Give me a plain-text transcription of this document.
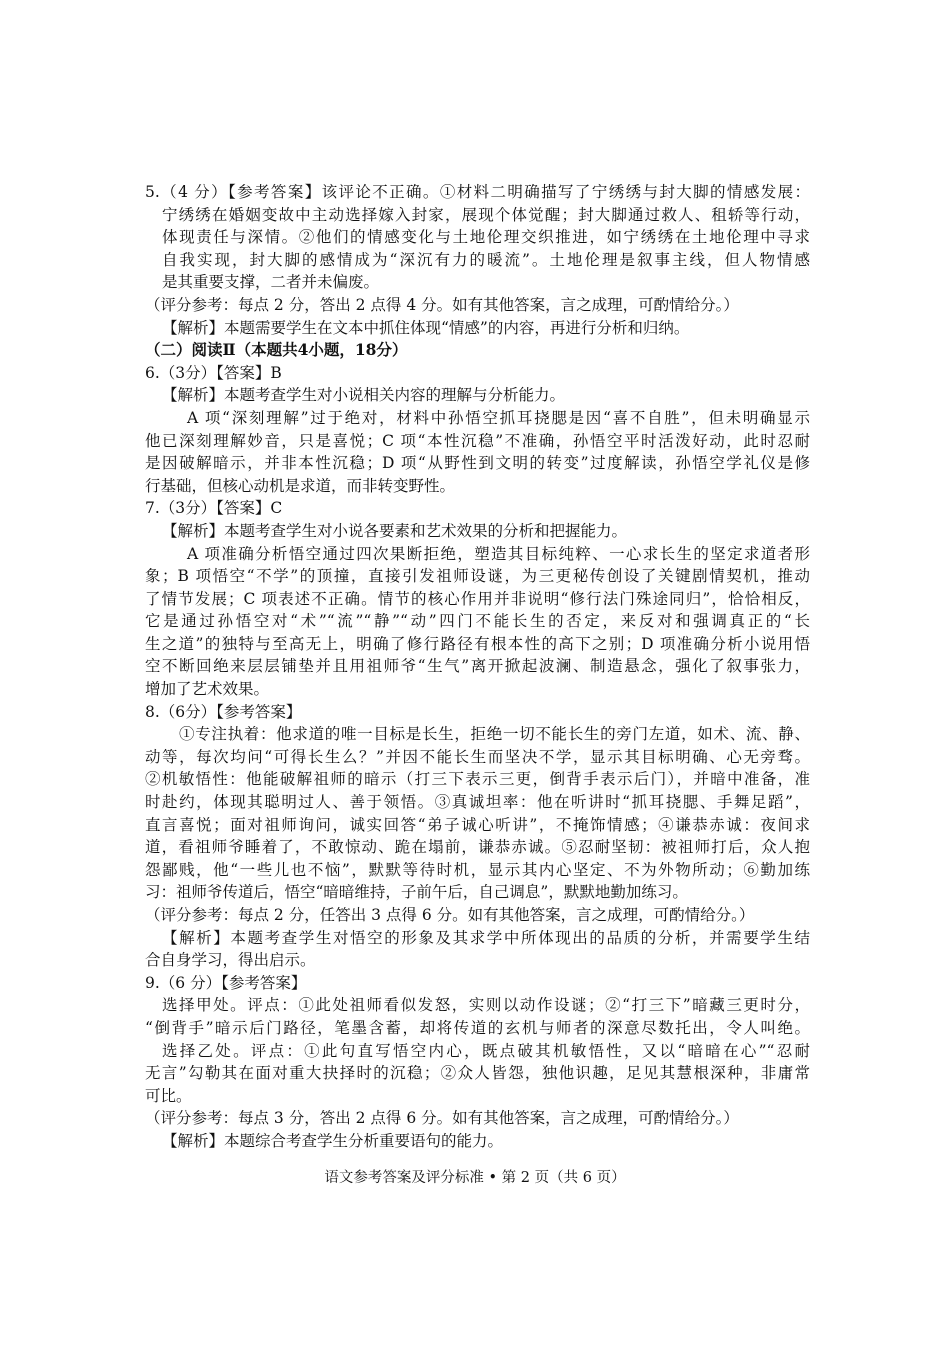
5.（4 分）【参考答案】该评论不正确。①材料二明确描写了宁绣绣与封大脚的情感发展：
宁绣绣在婚姻变故中主动选择嫁入封家，展现个体觉醒；封大脚通过救人、租轿等行动，
体现责任与深情。②他们的情感变化与土地伦理交织推进，如宁绣绣在土地伦理中寻求
自我实现，封大脚的感情成为“深沉有力的暖流”。土地伦理是叙事主线，但人物情感
是其重要支撑，二者并未偏废。
（评分参考：每点 2 分，答出 2 点得 4 分。如有其他答案，言之成理，可酌情给分。）
【解析】本题需要学生在文本中抓住体现“情感”的内容，再进行分析和归纳。
（二）阅读Ⅱ（本题共4小题，18分）
6.（3分）【答案】B
【解析】本题考查学生对小说相关内容的理解与分析能力。
A 项“深刻理解”过于绝对，材料中孙悟空抓耳挠腮是因“喜不自胜”，但未明确显示
他已深刻理解妙音，只是喜悦；C 项“本性沉稳”不准确，孙悟空平时活泼好动，此时忍耐
是因破解暗示，并非本性沉稳；D 项“从野性到文明的转变”过度解读，孙悟空学礼仪是修
行基础，但核心动机是求道，而非转变野性。
7.（3分）【答案】C
【解析】本题考查学生对小说各要素和艺术效果的分析和把握能力。
A 项准确分析悟空通过四次果断拒绝，塑造其目标纯粹、一心求长生的坚定求道者形
象；B 项悟空“不学”的顶撞，直接引发祖师设谜，为三更秘传创设了关键剧情契机，推动
了情节发展；C 项表述不正确。情节的核心作用并非说明“修行法门殊途同归”，恰恰相反，
它是通过孙悟空对“术”“流”“静”“动”四门不能长生的否定，来反对和强调真正的“长
生之道”的独特与至高无上，明确了修行路径有根本性的高下之别；D 项准确分析小说用悟
空不断回绝来层层铺垫并且用祖师爷“生气”离开掀起波澜、制造悬念，强化了叙事张力，
增加了艺术效果。
8.（6分）【参考答案】
①专注执着：他求道的唯一目标是长生，拒绝一切不能长生的旁门左道，如术、流、静、
动等，每次均问“可得长生么？”并因不能长生而坚决不学，显示其目标明确、心无旁骛。
②机敏悟性：他能破解祖师的暗示（打三下表示三更，倒背手表示后门），并暗中准备，准
时赴约，体现其聪明过人、善于领悟。③真诚坦率：他在听讲时“抓耳挠腮、手舞足蹈”，
直言喜悦；面对祖师询问，诚实回答“弟子诚心听讲”，不掩饰情感；④谦恭赤诚：夜间求
道，看祖师爷睡着了，不敢惊动、跪在塌前，谦恭赤诚。⑤忍耐坚韧：被祖师打后，众人抱
怨鄙贱，他“一些儿也不恼”，默默等待时机，显示其内心坚定、不为外物所动；⑥勤加练
习：祖师爷传道后，悟空“暗暗维持，子前午后，自己调息”，默默地勤加练习。
（评分参考：每点 2 分，任答出 3 点得 6 分。如有其他答案，言之成理，可酌情给分。）
【解析】本题考查学生对悟空的形象及其求学中所体现出的品质的分析，并需要学生结
合自身学习，得出启示。
9.（6 分）【参考答案】
选择甲处。评点：①此处祖师看似发怒，实则以动作设谜；②“打三下”暗藏三更时分，
“倒背手”暗示后门路径，笔墨含蓄，却将传道的玄机与师者的深意尽数托出，令人叫绝。
选择乙处。评点：①此句直写悟空内心，既点破其机敏悟性，又以“暗暗在心”“忍耐
无言”勾勒其在面对重大抉择时的沉稳；②众人皆怨，独他识趣，足见其慧根深种，非庸常
可比。
（评分参考：每点 3 分，答出 2 点得 6 分。如有其他答案，言之成理，可酌情给分。）
【解析】本题综合考查学生分析重要语句的能力。
语文参考答案及评分标准 • 第 2 页（共 6 页）
